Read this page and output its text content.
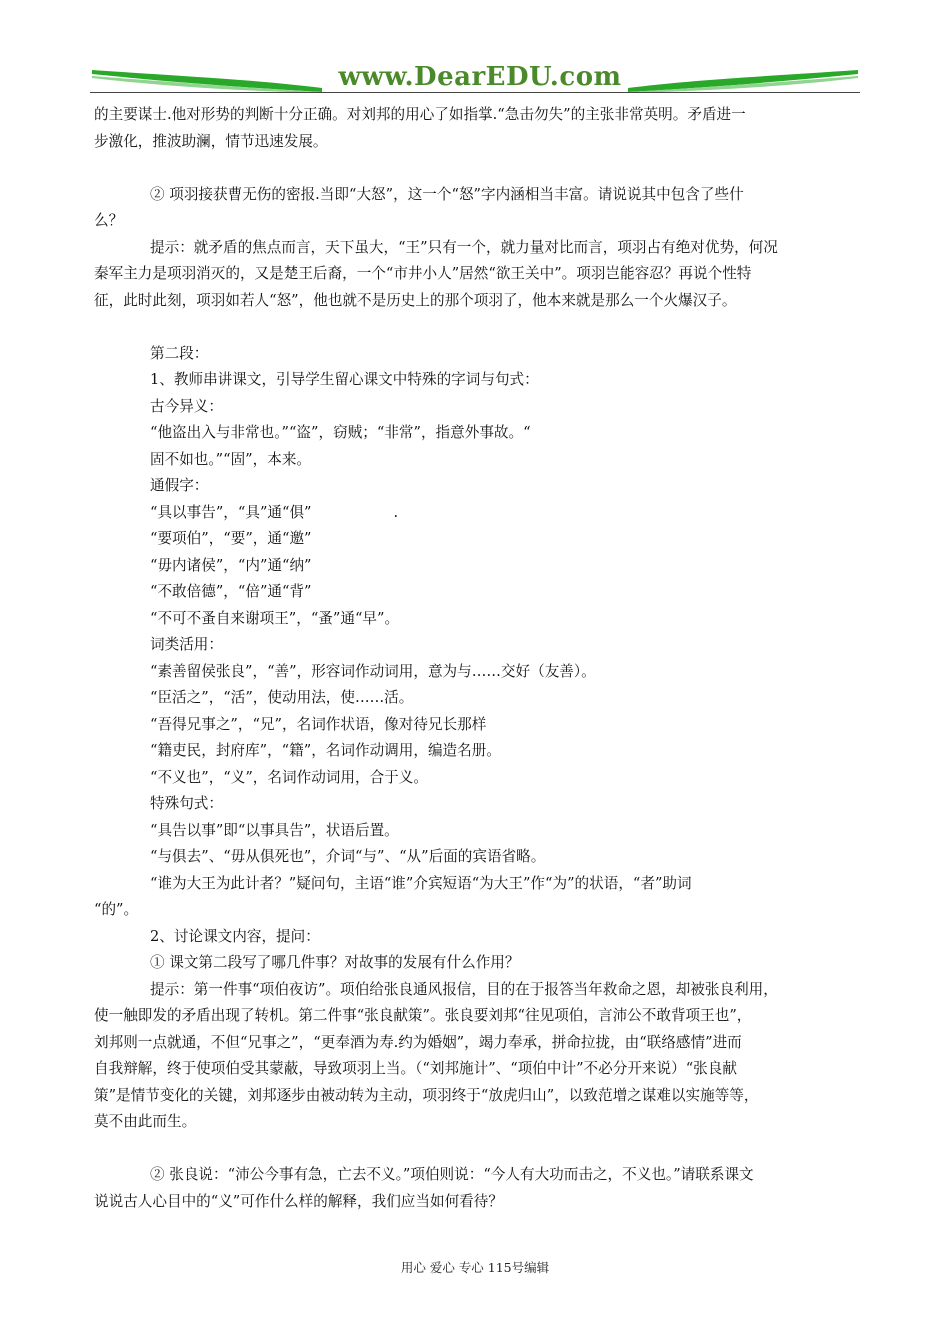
www.DearEDU.com

的主要谋士.他对形势的判断十分正确。对刘邦的用心了如指掌.“急击勿失”的主张非常英明。矛盾进一

步激化，推波助澜，情节迅速发展。

② 项羽接获曹无伤的密报.当即“大怒”，这一个“怒”字内涵相当丰富。请说说其中包含了些什

么？

提示：就矛盾的焦点而言，天下虽大，“王”只有一个，就力量对比而言，项羽占有绝对优势，何况

秦军主力是项羽消灭的，又是楚王后裔，一个“市井小人”居然“欲王关中”。项羽岂能容忍？再说个性特

征，此时此刻，项羽如若人“怒”，他也就不是历史上的那个项羽了，他本来就是那么一个火爆汉子。

第二段：

1、教师串讲课文，引导学生留心课文中特殊的字词与句式：

古今异义：

“他盗出入与非常也。”“盗”，窃贼；“非常”，指意外事故。“

固不如也。”“固”，本来。

通假字：

“具以事告”，“具”通“俱”	.

“要项伯”，“要”，通“邀”

“毋内诸侯”，“内”通“纳”

“不敢倍德”，“倍”通“背”

“不可不蚤自来谢项王”，“蚤”通“早”。

词类活用：

“素善留侯张良”，“善”，形容词作动词用，意为与……交好（友善）。

“臣活之”，“活”，使动用法，使……活。

“吾得兄事之”，“兄”，名词作状语，像对待兄长那样

“籍吏民，封府库”，“籍”，名词作动调用，编造名册。

“不义也”，“义”，名词作动词用，合于义。

特殊句式：

“具告以事”即“以事具告”，状语后置。

“与俱去”、“毋从俱死也”，介词“与”、“从”后面的宾语省略。

“谁为大王为此计者？”疑问句，主语“谁”介宾短语“为大王”作“为”的状语，“者”助词

“的”。

2、讨论课文内容，提问：

① 课文第二段写了哪几件事？对故事的发展有什么作用？

提示：第一件事“项伯夜访”。项伯给张良通风报信，目的在于报答当年救命之恩，却被张良利用，

使一触即发的矛盾出现了转机。第二件事“张良献策”。张良要刘邦“往见项伯，言沛公不敢背项王也”，

刘邦则一点就通，不但“兄事之”，“更奉酒为寿.约为婚姻”，竭力奉承，拼命拉拢，由“联络感情”进而

自我辩解，终于使项伯受其蒙蔽，导致项羽上当。（“刘邦施计”、“项伯中计”不必分开来说）“张良献

策”是情节变化的关键，刘邦逐步由被动转为主动，项羽终于“放虎归山”，以致范增之谋难以实施等等，

莫不由此而生。

② 张良说：“沛公今事有急，亡去不义。”项伯则说：“今人有大功而击之，不义也。”请联系课文

说说古人心目中的“义”可作什么样的解释，我们应当如何看待？

用心 爱心 专心 115号编辑
